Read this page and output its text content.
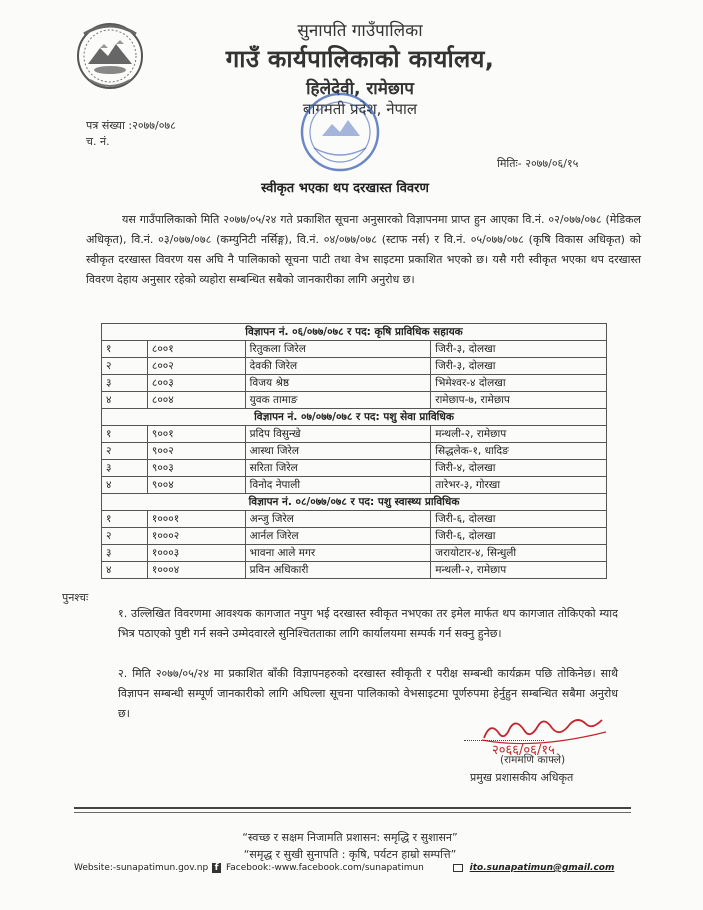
सुनापति गाउँपालिका
गाउँ कार्यपालिकाको कार्यालय,
हिलेदेवी, रामेछाप
बागमती प्रदेश, नेपाल
पत्र संख्या :२०७७/०७८
च. नं.
मितिः- २०७७/०६/१५
स्वीकृत भएका थप दरखास्त विवरण

यस गाउँपालिकाको मिति २०७७/०५/२४ गते प्रकाशित सूचना अनुसारको विज्ञापनमा प्राप्त हुन आएका वि.नं. ०२/०७७/०७८ (मेडिकल अधिकृत), वि.नं. ०३/०७७/०७८ (कम्युनिटी नर्सिङ्ग), वि.नं. ०४/०७७/०७८ (स्टाफ नर्स) र वि.नं. ०५/०७७/०७८ (कृषि विकास अधिकृत) को स्वीकृत दरखास्त विवरण यस अघि नै पालिकाको सूचना पाटी तथा वेभ साइटमा प्रकाशित भएको छ। यसै गरी स्वीकृत भएका थप दरखास्त विवरण देहाय अनुसार रहेको व्यहोरा सम्बन्धित सबैको जानकारीका लागि अनुरोध छ।

विज्ञापन नं. ०६/०७७/०७८ र पद: कृषि प्राविधिक सहायक			
१	८००१	रितुकला जिरेल	जिरी-३, दोलखा
२	८००२	देवकी जिरेल	जिरी-३, दोलखा
३	८००३	विजय श्रेष्ठ	भिमेश्वर-४ दोलखा
४	८००४	युवक तामाङ	रामेछाप-७, रामेछाप
विज्ञापन नं. ०७/०७७/०७८ र पद: पशु सेवा प्राविधिक			
१	९००१	प्रदिप विसुन्खे	मन्थली-२, रामेछाप
२	९००२	आस्था जिरेल	सिद्धलेक-१, धादिङ
३	९००३	सरिता जिरेल	जिरी-४, दोलखा
४	९००४	विनोद नेपाली	तारेभर-३, गोरखा
विज्ञापन नं. ०८/०७७/०७८ र पद: पशु स्वास्थ्य प्राविधिक			
१	१०००१	अन्जु जिरेल	जिरी-६, दोलखा
२	१०००२	आर्नल जिरेल	जिरी-६, दोलखा
३	१०००३	भावना आले मगर	जरायोटार-४, सिन्धुली
४	१०००४	प्रविन अधिकारी	मन्थली-२, रामेछाप
पुनश्चः

१. उल्लिखित विवरणमा आवश्यक कागजात नपुग भई दरखास्त स्वीकृत नभएका तर इमेल मार्फत थप कागजात तोकिएको म्याद भित्र पठाएको पुष्टी गर्न सक्ने उम्मेदवारले सुनिश्चितताका लागि कार्यालयमा सम्पर्क गर्न सक्नु हुनेछ।

२. मिति २०७७/०५/२४ मा प्रकाशित बाँकी विज्ञापनहरुको दरखास्त स्वीकृती र परीक्ष सम्बन्धी कार्यक्रम पछि तोकिनेछ। साथै विज्ञापन सम्बन्धी सम्पूर्ण जानकारीको लागि अघिल्ला सूचना पालिकाको वेभसाइटमा पूर्णरुपमा हेर्नुहुन सम्बन्धित सबैमा अनुरोध छ।

२०६६/०६/१५
(राममणि काफ्ले)
प्रमुख प्रशासकीय अधिकृत
“स्वच्छ र सक्षम निजामति प्रशासन: समृद्धि र सुशासन”
“समृद्ध र सुखी सुनापति : कृषि, पर्यटन हाम्रो सम्पत्ति”
Website:-sunapatimun.gov.np f Facebook:-www.facebook.com/sunapatimun	ito.sunapatimun@gmail.com
